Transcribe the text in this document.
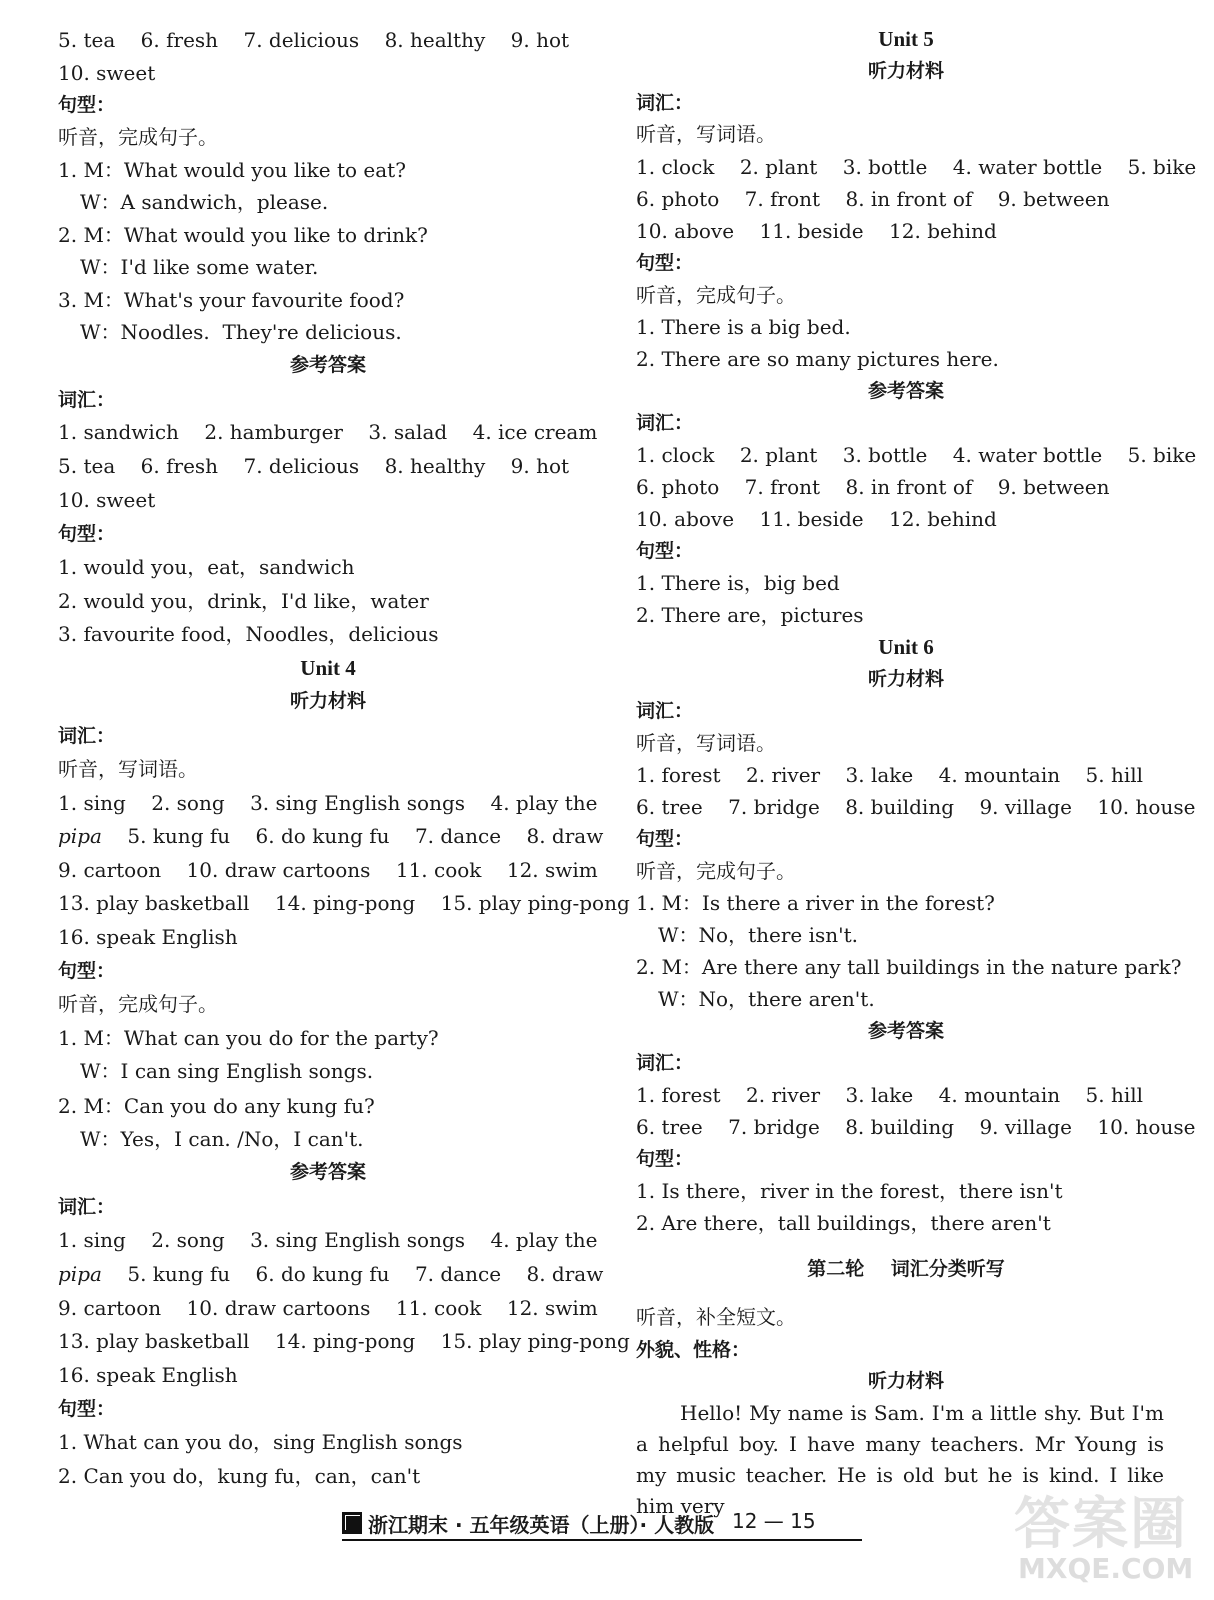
5. tea    6. fresh    7. delicious    8. healthy    9. hot
10. sweet
句型：
听音，完成句子。
1. M：What would you like to eat?
W：A sandwich，please.
2. M：What would you like to drink?
W：I'd like some water.
3. M：What's your favourite food?
W：Noodles.  They're delicious.
参考答案
词汇：
1. sandwich    2. hamburger    3. salad    4. ice cream
5. tea    6. fresh    7. delicious    8. healthy    9. hot
10. sweet
句型：
1. would you，eat，sandwich
2. would you，drink，I'd like，water
3. favourite food，Noodles，delicious
Unit 4
听力材料
词汇：
听音，写词语。
1. sing    2. song    3. sing English songs    4. play the
pipa    5. kung fu    6. do kung fu    7. dance    8. draw
9. cartoon    10. draw cartoons    11. cook    12. swim
13. play basketball    14. ping-pong    15. play ping-pong
16. speak English
句型：
听音，完成句子。
1. M：What can you do for the party?
W：I can sing English songs.
2. M：Can you do any kung fu?
W：Yes，I can. /No，I can't.
参考答案
词汇：
1. sing    2. song    3. sing English songs    4. play the
pipa    5. kung fu    6. do kung fu    7. dance    8. draw
9. cartoon    10. draw cartoons    11. cook    12. swim
13. play basketball    14. ping-pong    15. play ping-pong
16. speak English
句型：
1. What can you do，sing English songs
2. Can you do，kung fu，can，can't
Unit 5
听力材料
词汇：
听音，写词语。
1. clock    2. plant    3. bottle    4. water bottle    5. bike
6. photo    7. front    8. in front of    9. between
10. above    11. beside    12. behind
句型：
听音，完成句子。
1. There is a big bed.
2. There are so many pictures here.
参考答案
词汇：
1. clock    2. plant    3. bottle    4. water bottle    5. bike
6. photo    7. front    8. in front of    9. between
10. above    11. beside    12. behind
句型：
1. There is，big bed
2. There are，pictures
Unit 6
听力材料
词汇：
听音，写词语。
1. forest    2. river    3. lake    4. mountain    5. hill
6. tree    7. bridge    8. building    9. village    10. house
句型：
听音，完成句子。
1. M：Is there a river in the forest?
W：No，there isn't.
2. M：Are there any tall buildings in the nature park?
W：No，there aren't.
参考答案
词汇：
1. forest    2. river    3. lake    4. mountain    5. hill
6. tree    7. bridge    8. building    9. village    10. house
句型：
1. Is there，river in the forest，there isn't
2. Are there，tall buildings，there aren't
第二轮    词汇分类听写
听音，补全短文。
外貌、性格：
听力材料
Hello! My name is Sam. I'm a little shy. But I'm a helpful boy. I have many teachers. Mr Young is my music teacher. He is old but he is kind. I like him very
浙江期末 · 五年级英语（上册）· 人教版 12 — 15	答案圈
MXQE.COM
